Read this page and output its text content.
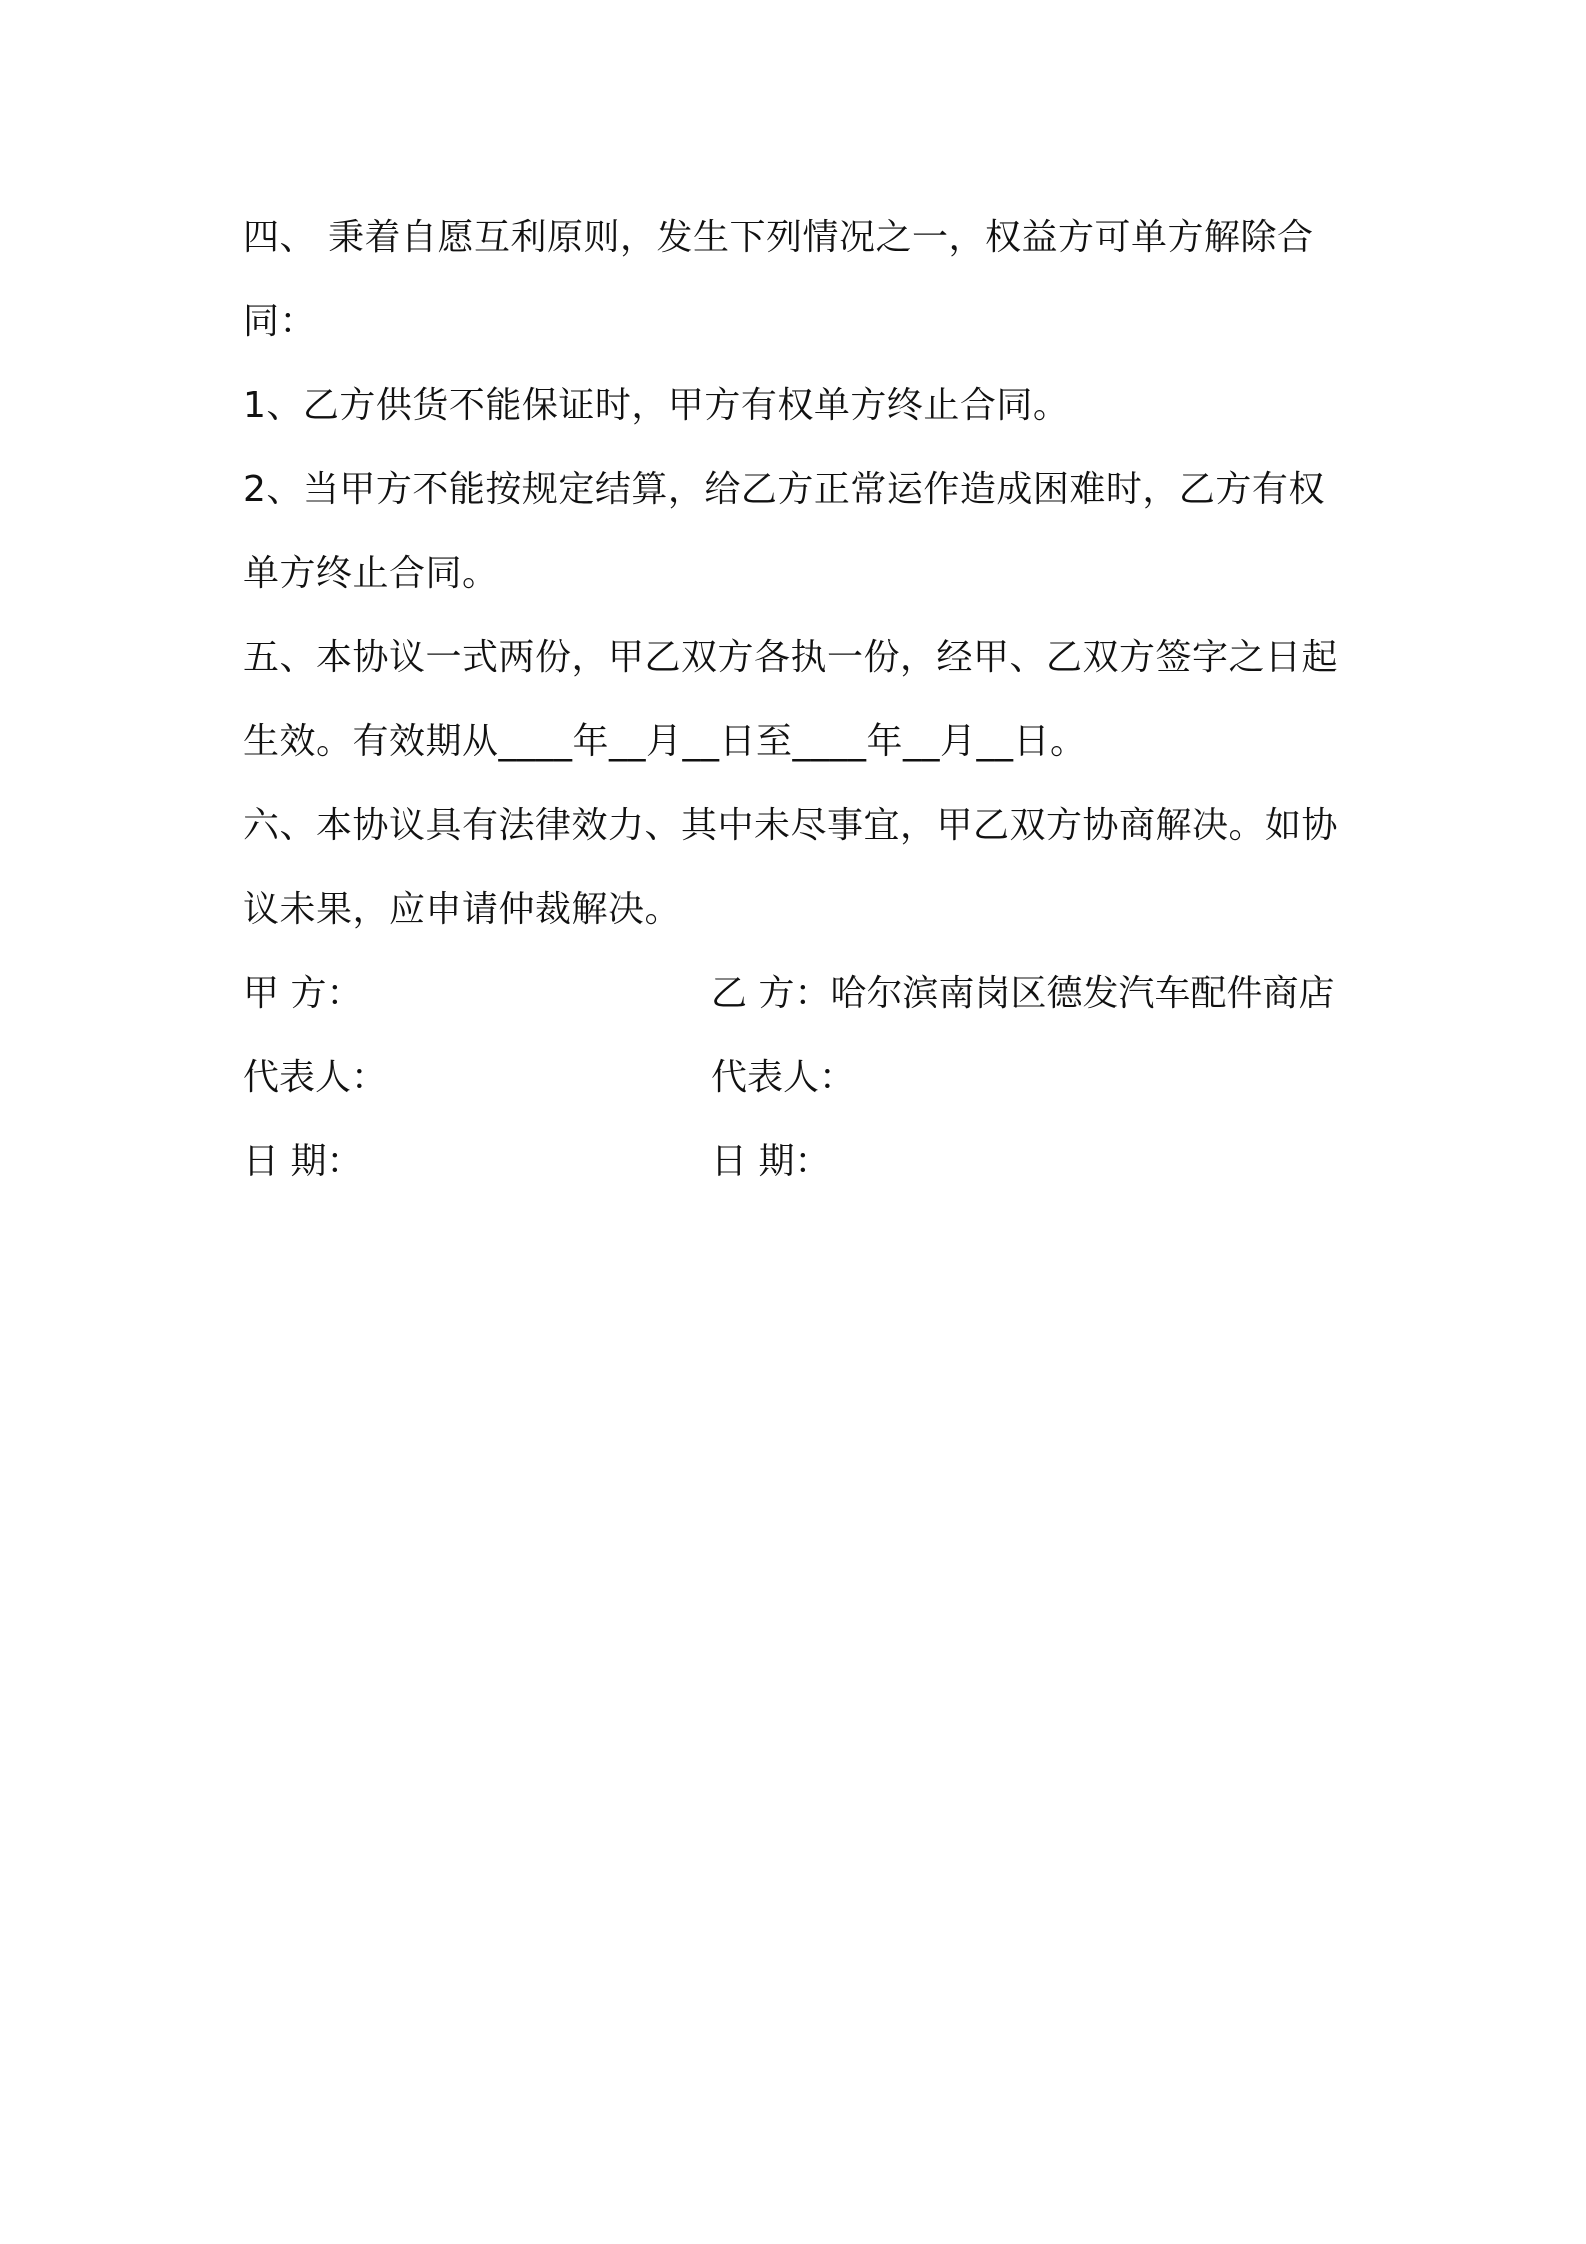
四、 秉着自愿互利原则，发生下列情况之一，权益方可单方解除合
同：
1、乙方供货不能保证时，甲方有权单方终止合同。
2、当甲方不能按规定结算，给乙方正常运作造成困难时，乙方有权
单方终止合同。
五、本协议一式两份，甲乙双方各执一份，经甲、乙双方签字之日起
生效。有效期从____年__月__日至____年__月__日。
六、本协议具有法律效力、其中未尽事宜，甲乙双方协商解决。如协
议未果，应申请仲裁解决。
甲 方：	乙 方：哈尔滨南岗区德发汽车配件商店
代表人：	代表人：
日 期：	日 期：
